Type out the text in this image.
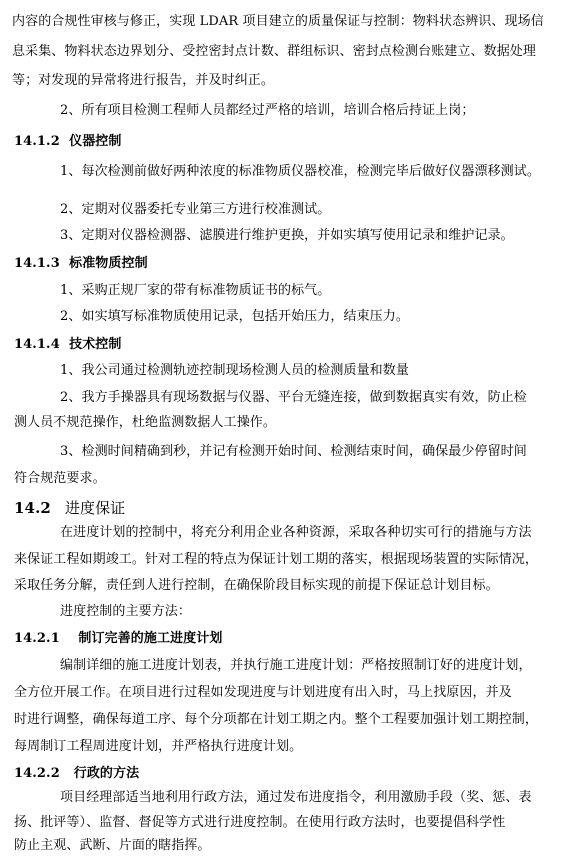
内容的合规性审核与修正，实现 LDAR 项目建立的质量保证与控制：物料状态辨识、现场信
息采集、物料状态边界划分、受控密封点计数、群组标识、密封点检测台账建立、数据处理
等；对发现的异常将进行报告，并及时纠正。
2、所有项目检测工程师人员都经过严格的培训，培训合格后持证上岗；
14.1.2 仪器控制
1、每次检测前做好两种浓度的标准物质仪器校准，检测完毕后做好仪器漂移测试。
2、定期对仪器委托专业第三方进行校准测试。
3、定期对仪器检测器、滤膜进行维护更换，并如实填写使用记录和维护记录。
14.1.3 标准物质控制
1、采购正规厂家的带有标准物质证书的标气。
2、如实填写标准物质使用记录，包括开始压力，结束压力。
14.1.4 技术控制
1、我公司通过检测轨迹控制现场检测人员的检测质量和数量
2、我方手操器具有现场数据与仪器、平台无缝连接，做到数据真实有效，防止检
测人员不规范操作，杜绝监测数据人工操作。
3、检测时间精确到秒，并记有检测开始时间、检测结束时间，确保最少停留时间
符合规范要求。
14.2 进度保证
在进度计划的控制中，将充分利用企业各种资源，采取各种切实可行的措施与方法
来保证工程如期竣工。针对工程的特点为保证计划工期的落实，根据现场装置的实际情况，
采取任务分解，责任到人进行控制，在确保阶段目标实现的前提下保证总计划目标。
进度控制的主要方法：
14.2.1 制订完善的施工进度计划
编制详细的施工进度计划表，并执行施工进度计划：严格按照制订好的进度计划，
全方位开展工作。在项目进行过程如发现进度与计划进度有出入时，马上找原因，并及
时进行调整，确保每道工序、每个分项都在计划工期之内。整个工程要加强计划工期控制，
每周制订工程周进度计划，并严格执行进度计划。
14.2.2 行政的方法
项目经理部适当地利用行政方法，通过发布进度指令，利用激励手段（奖、惩、表
扬、批评等）、监督、督促等方式进行进度控制。在使用行政方法时，也要提倡科学性
防止主观、武断、片面的瞎指挥。
